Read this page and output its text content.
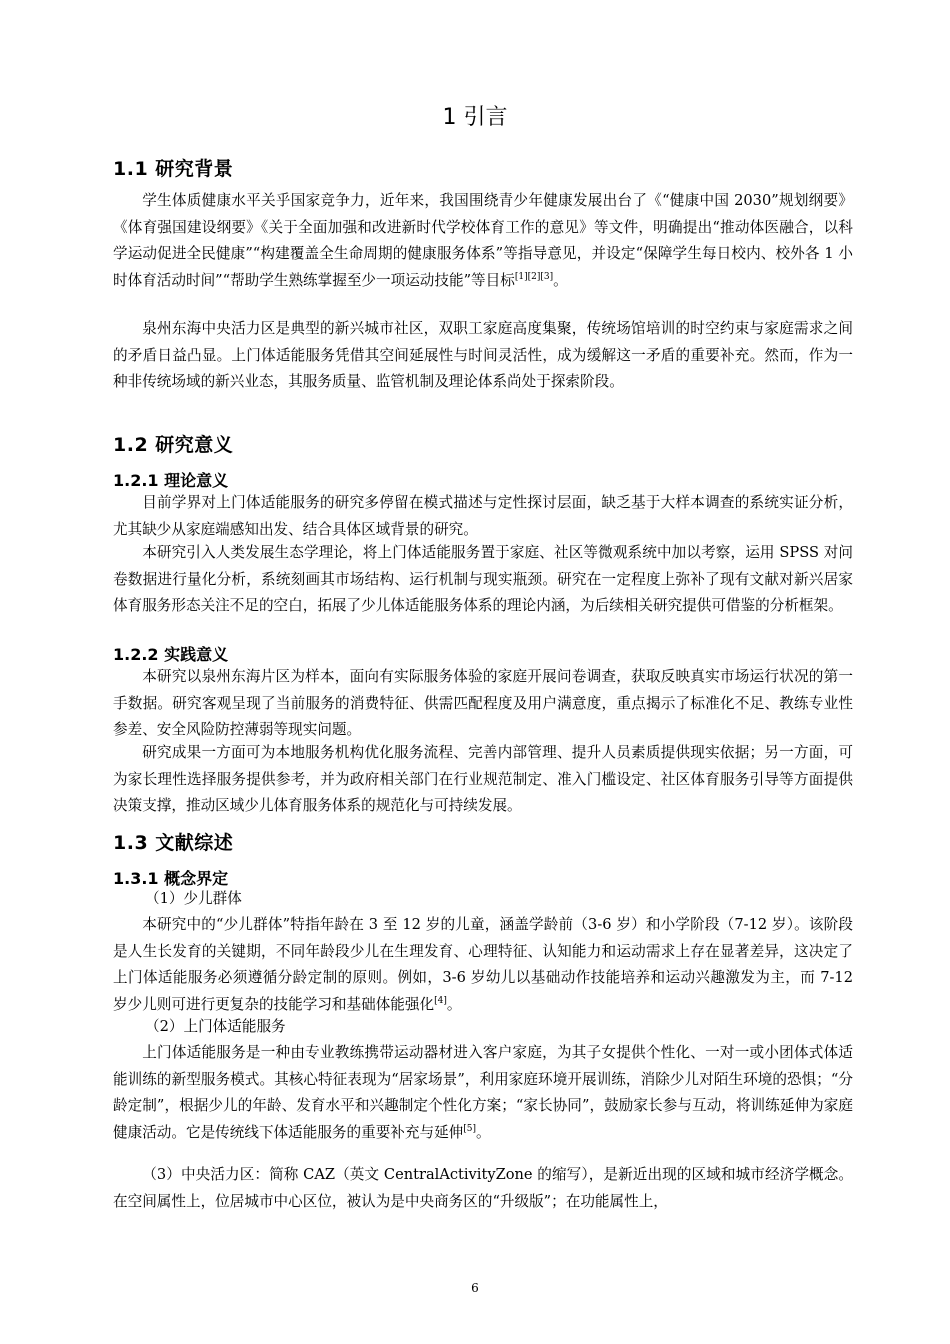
1 引言
1.1 研究背景

学生体质健康水平关乎国家竞争力，近年来，我国围绕青少年健康发展出台了《“健康中国 2030”规划纲要》《体育强国建设纲要》《关于全面加强和改进新时代学校体育工作的意见》等文件，明确提出“推动体医融合，以科学运动促进全民健康”“构建覆盖全生命周期的健康服务体系”等指导意见，并设定“保障学生每日校内、校外各 1 小时体育活动时间”“帮助学生熟练掌握至少一项运动技能”等目标[1][2][3]。

泉州东海中央活力区是典型的新兴城市社区，双职工家庭高度集聚，传统场馆培训的时空约束与家庭需求之间的矛盾日益凸显。上门体适能服务凭借其空间延展性与时间灵活性，成为缓解这一矛盾的重要补充。然而，作为一种非传统场域的新兴业态，其服务质量、监管机制及理论体系尚处于探索阶段。

1.2 研究意义
1.2.1 理论意义

目前学界对上门体适能服务的研究多停留在模式描述与定性探讨层面，缺乏基于大样本调查的系统实证分析，尤其缺少从家庭端感知出发、结合具体区域背景的研究。

本研究引入人类发展生态学理论，将上门体适能服务置于家庭、社区等微观系统中加以考察，运用 SPSS 对问卷数据进行量化分析，系统刻画其市场结构、运行机制与现实瓶颈。研究在一定程度上弥补了现有文献对新兴居家体育服务形态关注不足的空白，拓展了少儿体适能服务体系的理论内涵，为后续相关研究提供可借鉴的分析框架。

1.2.2 实践意义

本研究以泉州东海片区为样本，面向有实际服务体验的家庭开展问卷调查，获取反映真实市场运行状况的第一手数据。研究客观呈现了当前服务的消费特征、供需匹配程度及用户满意度，重点揭示了标准化不足、教练专业性参差、安全风险防控薄弱等现实问题。

研究成果一方面可为本地服务机构优化服务流程、完善内部管理、提升人员素质提供现实依据；另一方面，可为家长理性选择服务提供参考，并为政府相关部门在行业规范制定、准入门槛设定、社区体育服务引导等方面提供决策支撑，推动区域少儿体育服务体系的规范化与可持续发展。

1.3 文献综述
1.3.1 概念界定
（1）少儿群体

本研究中的“少儿群体”特指年龄在 3 至 12 岁的儿童，涵盖学龄前（3-6 岁）和小学阶段（7-12 岁）。该阶段是人生长发育的关键期，不同年龄段少儿在生理发育、心理特征、认知能力和运动需求上存在显著差异，这决定了上门体适能服务必须遵循分龄定制的原则。例如，3-6 岁幼儿以基础动作技能培养和运动兴趣激发为主，而 7-12 岁少儿则可进行更复杂的技能学习和基础体能强化[4]。

（2）上门体适能服务

上门体适能服务是一种由专业教练携带运动器材进入客户家庭，为其子女提供个性化、一对一或小团体式体适能训练的新型服务模式。其核心特征表现为“居家场景”，利用家庭环境开展训练，消除少儿对陌生环境的恐惧；“分龄定制”，根据少儿的年龄、发育水平和兴趣制定个性化方案；“家长协同”，鼓励家长参与互动，将训练延伸为家庭健康活动。它是传统线下体适能服务的重要补充与延伸[5]。

（3）中央活力区：简称 CAZ（英文 CentralActivityZone 的缩写），是新近出现的区域和城市经济学概念。在空间属性上，位居城市中心区位，被认为是中央商务区的“升级版”；在功能属性上，

6
